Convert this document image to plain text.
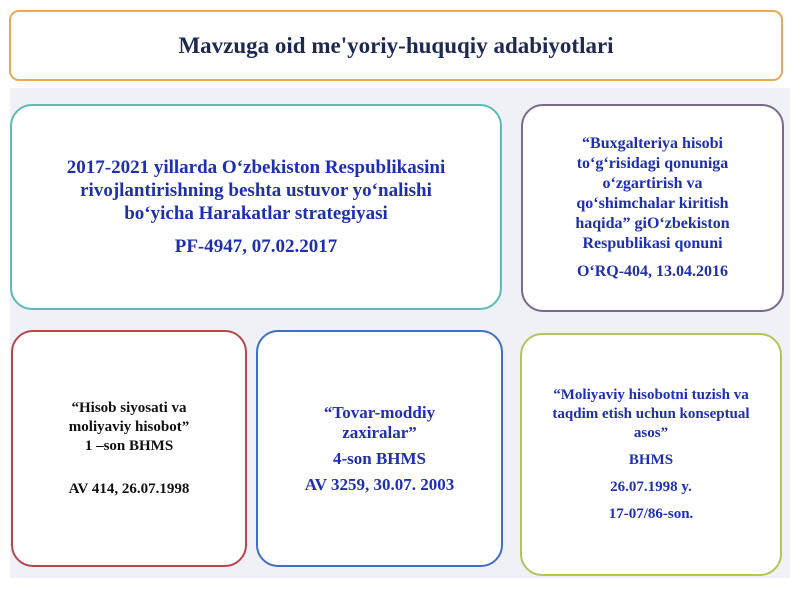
Mavzuga oid me'yoriy-huquqiy adabiyotlari
2017-2021 yillarda O‘zbekiston Respublikasini
rivojlantirishning beshta ustuvor yo‘nalishi
bo‘yicha Harakatlar strategiyasi
PF-4947, 07.02.2017
“Buxgalteriya hisobi
to‘g‘risidagi qonuniga
o‘zgartirish va
qo‘shimchalar kiritish
haqida” giO‘zbekiston
Respublikasi qonuni
O‘RQ-404, 13.04.2016
“Hisob siyosati va
moliyaviy hisobot”
1 –son BHMS
AV 414, 26.07.1998
“Tovar-moddiy
zaxiralar”
4-son BHMS
AV 3259, 30.07. 2003
“Moliyaviy hisobotni tuzish va
taqdim etish uchun konseptual
asos”
BHMS
26.07.1998 y.
17-07/86-son.
